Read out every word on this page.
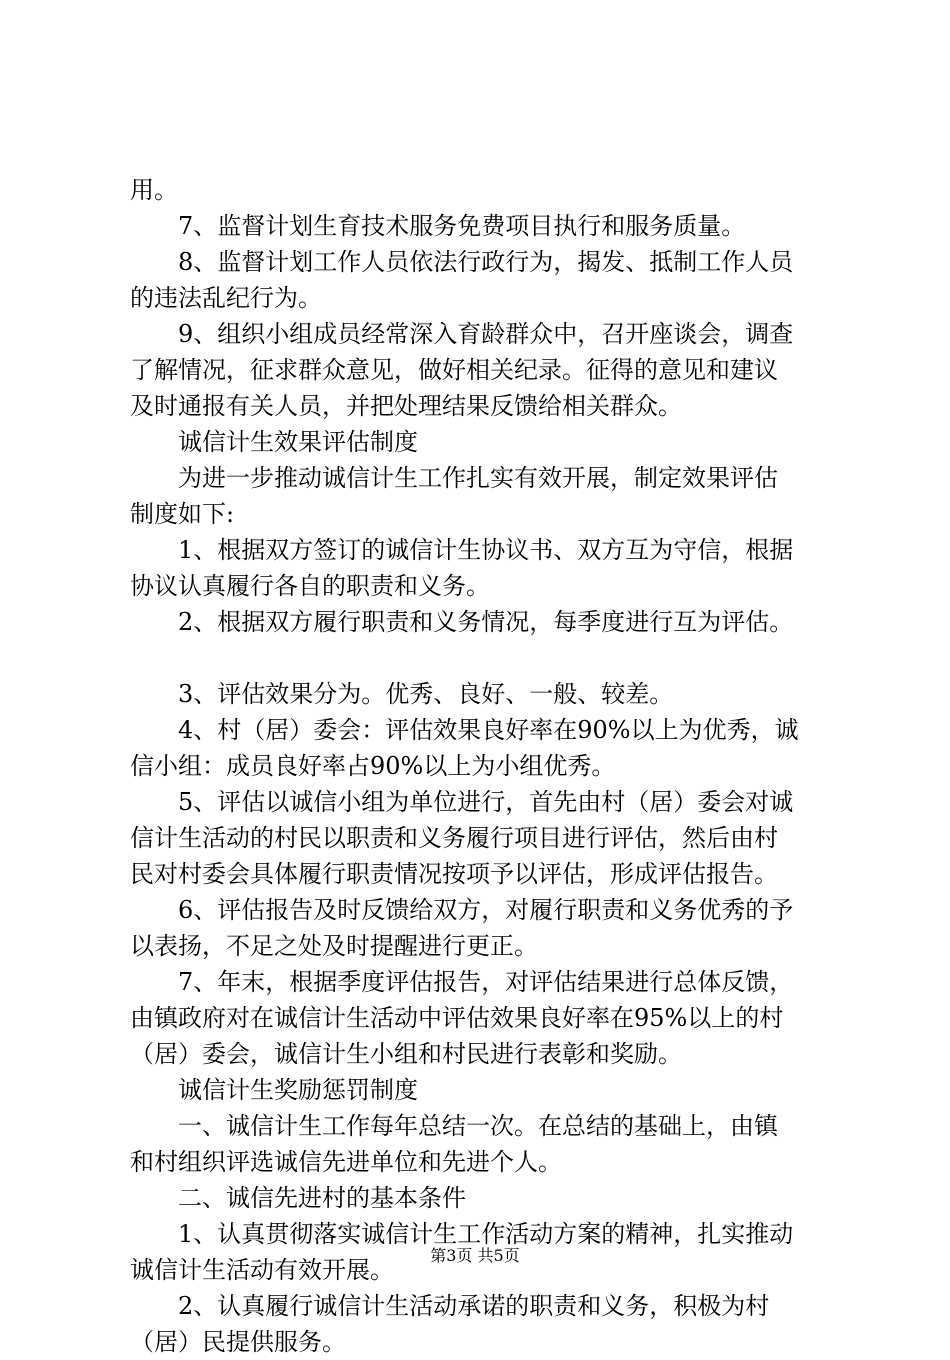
用。
7、监督计划生育技术服务免费项目执行和服务质量。
8、监督计划工作人员依法行政行为，揭发、抵制工作人员
的违法乱纪行为。
9、组织小组成员经常深入育龄群众中，召开座谈会，调查
了解情况，征求群众意见，做好相关纪录。征得的意见和建议
及时通报有关人员，并把处理结果反馈给相关群众。
诚信计生效果评估制度
为进一步推动诚信计生工作扎实有效开展，制定效果评估
制度如下:
1、根据双方签订的诚信计生协议书、双方互为守信，根据
协议认真履行各自的职责和义务。
2、根据双方履行职责和义务情况，每季度进行互为评估。
3、评估效果分为。优秀、良好、一般、较差。
4、村（居）委会：评估效果良好率在90%以上为优秀，诚
信小组：成员良好率占90%以上为小组优秀。
5、评估以诚信小组为单位进行，首先由村（居）委会对诚
信计生活动的村民以职责和义务履行项目进行评估，然后由村
民对村委会具体履行职责情况按项予以评估，形成评估报告。
6、评估报告及时反馈给双方，对履行职责和义务优秀的予
以表扬，不足之处及时提醒进行更正。
7、年末，根据季度评估报告，对评估结果进行总体反馈，
由镇政府对在诚信计生活动中评估效果良好率在95%以上的村
（居）委会，诚信计生小组和村民进行表彰和奖励。
诚信计生奖励惩罚制度
一、诚信计生工作每年总结一次。在总结的基础上，由镇
和村组织评选诚信先进单位和先进个人。
二、诚信先进村的基本条件
1、认真贯彻落实诚信计生工作活动方案的精神，扎实推动
诚信计生活动有效开展。
2、认真履行诚信计生活动承诺的职责和义务，积极为村
（居）民提供服务。
第3页 共5页
